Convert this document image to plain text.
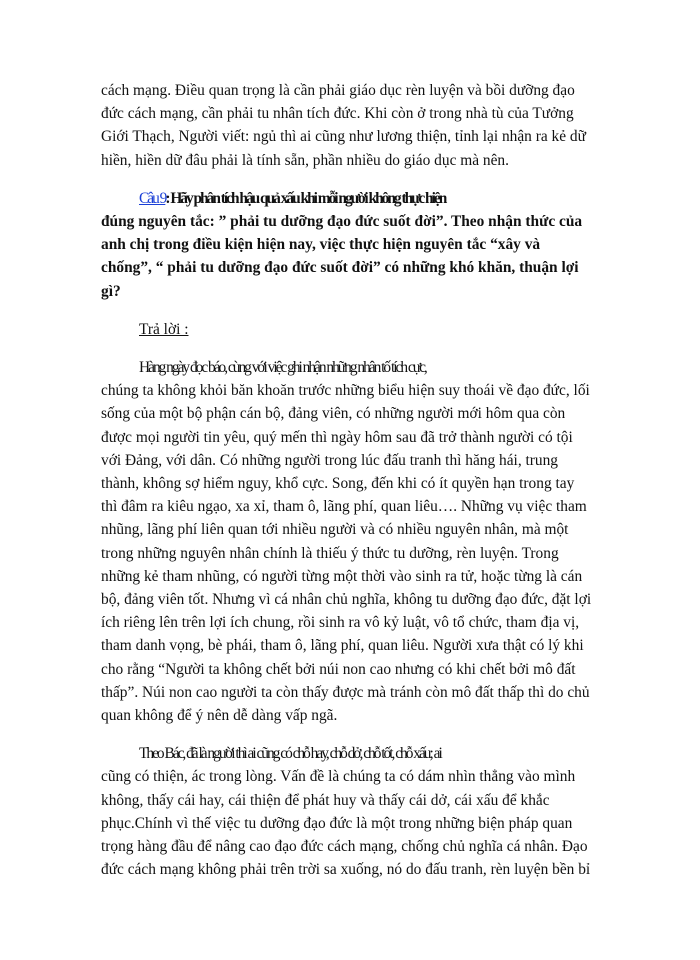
cách mạng. Điều quan trọng là cần phải giáo dục rèn luyện và bồi dưỡng đạo
đức cách mạng, cần phải tu nhân tích đức. Khi còn ở trong nhà tù của Tưởng
Giới Thạch, Người viết: ngủ thì ai cũng như lương thiện, tỉnh lại nhận ra kẻ dữ
hiền, hiền dữ đâu phải là tính sẵn, phần nhiều do giáo dục mà nên.

Câu 9: Hãy phân tích hậu quả xấu khi mỗi người không thực hiện
đúng nguyên tắc: ” phải tu dưỡng đạo đức suốt đời”. Theo nhận thức của
anh chị trong điều kiện hiện nay, việc thực hiện nguyên tắc “xây và
chống”, “ phải tu dưỡng đạo đức suốt đời” có những khó khăn, thuận lợi
gì?

Trả lời :

Hàng ngày đọc báo, cùng với việc ghi nhận những nhân tố tích cực,
chúng ta không khỏi băn khoăn trước những biểu hiện suy thoái về đạo đức, lối
sống của một bộ phận cán bộ, đảng viên, có những người mới hôm qua còn
được mọi người tin yêu, quý mến thì ngày hôm sau đã trở thành người có tội
với Đảng, với dân. Có những người trong lúc đấu tranh thì hăng hái, trung
thành, không sợ hiểm nguy, khổ cực. Song, đến khi có ít quyền hạn trong tay
thì đâm ra kiêu ngạo, xa xỉ, tham ô, lãng phí, quan liêu…. Những vụ việc tham
nhũng, lãng phí liên quan tới nhiều người và có nhiều nguyên nhân, mà một
trong những nguyên nhân chính là thiếu ý thức tu dưỡng, rèn luyện. Trong
những kẻ tham nhũng, có người từng một thời vào sinh ra tử, hoặc từng là cán
bộ, đảng viên tốt. Nhưng vì cá nhân chủ nghĩa, không tu dưỡng đạo đức, đặt lợi
ích riêng lên trên lợi ích chung, rồi sinh ra vô kỷ luật, vô tổ chức, tham địa vị,
tham danh vọng, bè phái, tham ô, lãng phí, quan liêu. Người xưa thật có lý khi
cho rằng “Người ta không chết bởi núi non cao nhưng có khi chết bởi mô đất
thấp”. Núi non cao người ta còn thấy được mà tránh còn mô đất thấp thì do chủ
quan không để ý nên dễ dàng vấp ngã.

Theo Bác, đã là người thì ai cũng có chỗ hay, chỗ dở, chỗ tốt, chỗ xấu; ai
cũng có thiện, ác trong lòng. Vấn đề là chúng ta có dám nhìn thẳng vào mình
không, thấy cái hay, cái thiện để phát huy và thấy cái dở, cái xấu để khắc
phục.Chính vì thế việc tu dưỡng đạo đức là một trong những biện pháp quan
trọng hàng đầu để nâng cao đạo đức cách mạng, chống chủ nghĩa cá nhân. Đạo
đức cách mạng không phải trên trời sa xuống, nó do đấu tranh, rèn luyện bền bỉ
